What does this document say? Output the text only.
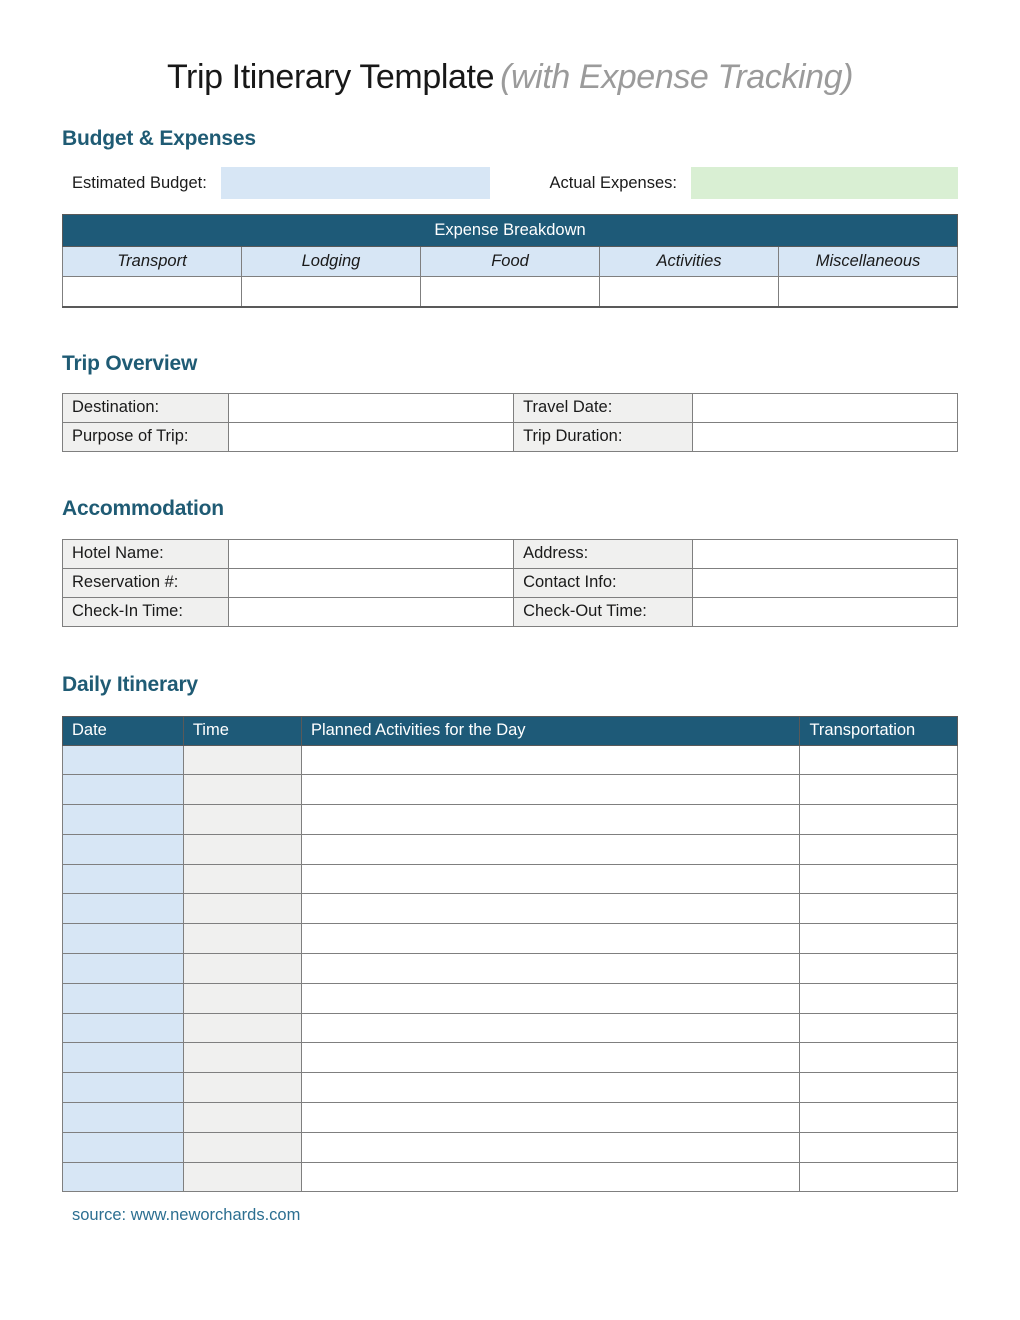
Trip Itinerary Template (with Expense Tracking)
Budget & Expenses
Estimated Budget:	Actual Expenses:
Expense Breakdown				
Transport	Lodging	Food	Activities	Miscellaneous

Trip Overview
Destination:		Travel Date:	
Purpose of Trip:		Trip Duration:	
Accommodation
Hotel Name:		Address:	
Reservation #:		Contact Info:	
Check-In Time:		Check-Out Time:	
Daily Itinerary
Date	Time	Planned Activities for the Day	Transportation

source: www.neworchards.com
